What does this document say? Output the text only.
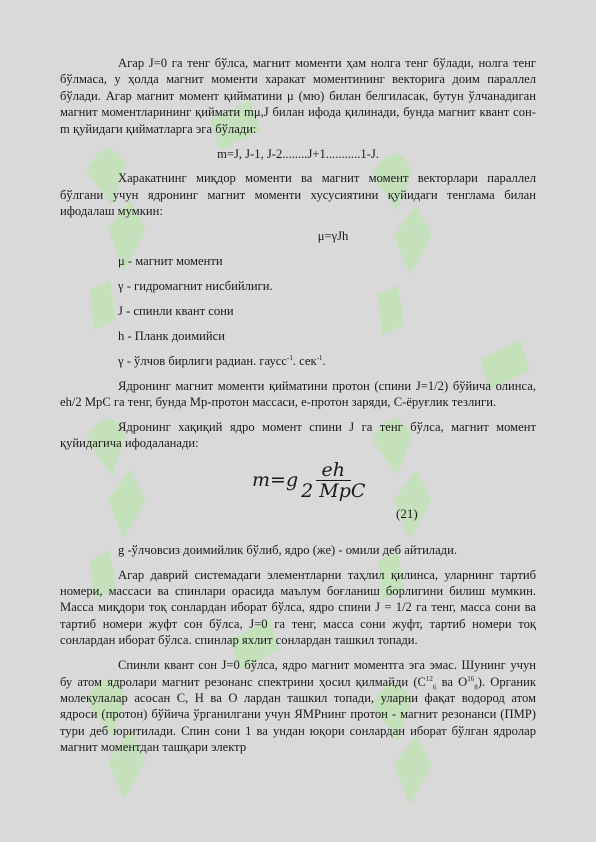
Агар J=0 га тенг бўлса, магнит моменти ҳам нолга тенг бўлади, нолга тенг бўлмаса, у ҳолда магнит моменти харакат моментининг векторига доим параллел бўлади. Агар магнит момент қийматини μ (мю) билан белгиласак, бутун ўлчанадиган магнит моментларининг қиймати mμ,J билан ифода қилинади, бунда магнит квант сон-m қуйидаги қийматларга эга бўлади:

m=J, J-1, J-2........J+1...........1-J.

Харакатнинг миқдор моменти ва магнит момент векторлари параллел бўлгани учун ядронинг магнит моменти хусусиятини қуйидаги тенглама билан ифодалаш мумкин:

μ=γJh

μ - магнит моменти

γ - гидромагнит нисбийлиги.

J - спинли квант сони

h - Планк доимийси

γ - ўлчов бирлиги радиан. гаусс$^{-1}$. сек$^{-1}$.

Ядронинг магнит моменти қийматини протон (спини J=1/2) бўйича олинса, eh/2 MpC га тенг, бунда Мр-протон массаси, е-протон заряди, С-ёруғлик тезлиги.

Ядронинг хақиқий ядро момент спини J га тенг бўлса, магнит момент қуйидагича ифодаланади:

m = g $\frac{eh}{\text{2 MpC}}$
(21)

g -ўлчовсиз доимийлик бўлиб, ядро (же) - омили деб айтилади.

Агар даврий системадаги элементларни таҳлил қилинса, уларнинг тартиб номери, массаси ва спинлари орасида маълум боғланиш борлигини билиш мумкин. Масса миқдори тоқ сонлардан иборат бўлса, ядро спини J = 1/2 га тенг, масса сони ва тартиб номери жуфт сон бўлса, J=0 га тенг, масса сони жуфт, тартиб номери тоқ сонлардан иборат бўлса. спинлар яхлит сонлардан ташкил топади.

Спинли квант сон J=0 бўлса, ядро магнит моментга эга эмас. Шунинг учун бу атом ядролари магнит резонанс спектрини ҳосил қилмайди ($С^{12}_6$ ва $O^{16}_8$). Органик молекулалар асосан С, Н ва О лардан ташкил топади, уларни фақат водород атом ядроси (протон) бўйича ўрганилгани учун ЯМРнинг протон - магнит резонанси (ПМР) тури деб юритилади. Спин сони 1 ва ундан юқори сонлардан иборат бўлган ядролар магнит моментдан ташқари электр
